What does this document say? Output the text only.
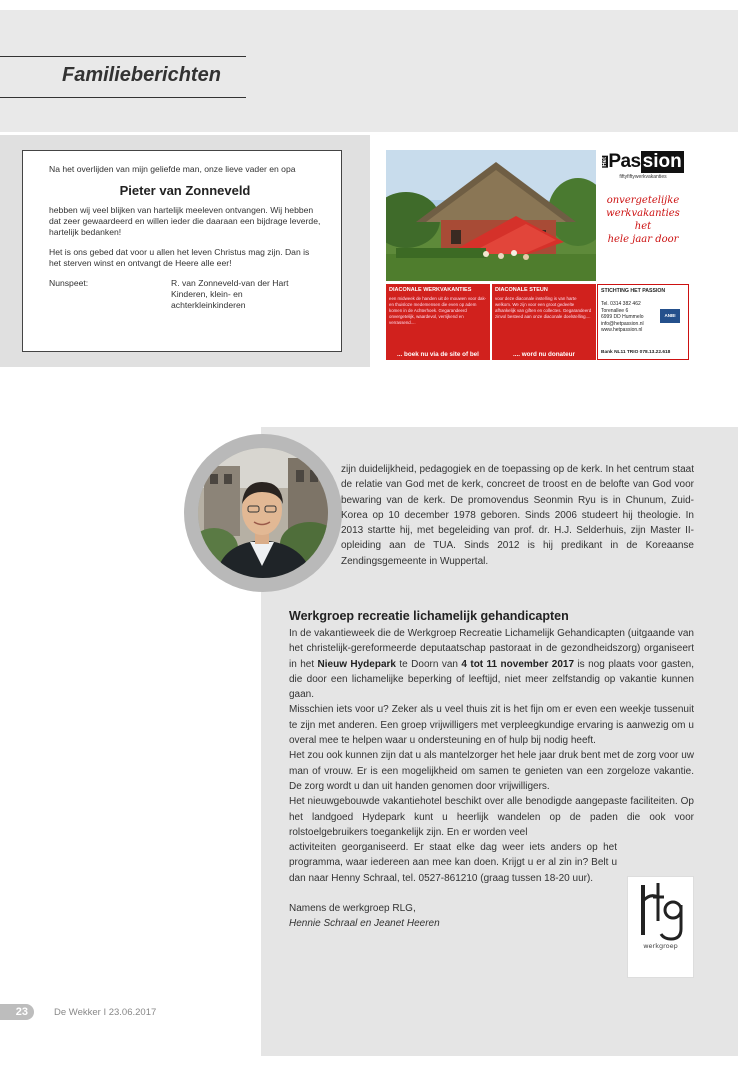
Familieberichten
Na het overlijden van mijn geliefde man, onze lieve vader en opa
Pieter van Zonneveld

hebben wij veel blijken van hartelijk meeleven ontvangen. Wij hebben dat zeer gewaardeerd en willen ieder die daaraan een bijdrage leverde, hartelijk bedanken!

Het is ons gebed dat voor u allen het leven Christus mag zijn. Dan is het sterven winst en ontvangt de Heere alle eer!

Nunspeet:	R. van Zonneveld-van der Hart
Kinderen, klein- en
achterkleinkinderen
Het Pas sion
fiftyfiftywerkvakanties
onvergetelijke
werkvakanties
het
hele jaar door
DIACONALE WERKVAKANTIES
een midweek de handen uit de mouwen voor dak- en thuisloze medemensen die even op adem komen in de Achterhoek. Gegarandeerd onvergetelijk, waardevol, verrijkend en verrassend....
... boek nu via de site of bel
DIACONALE STEUN
voor deze diaconale instelling is van harte welkom. We zijn voor een groot gedeelte afhankelijk van giften en collectes. Gegarandeerd zinvol besteed aan onze diaconale doelstelling....
.... word nu donateur
STICHTING HET PASSION
Tel. 0314 382 462
Torenallee 6
6999 DD Hummelo
info@hetpassion.nl
www.hetpassion.nl
ANBI
Bank NL11 TRIO 078.13.22.618
zijn duidelijkheid, pedagogiek en de toepassing op de kerk. In het centrum staat de relatie van God met de kerk, concreet de troost en de belofte van God voor bewaring van de kerk. De promovendus Seonmin Ryu is in Chunum, Zuid-Korea op 10 december 1978 geboren. Sinds 2006 studeert hij theologie. In 2013 startte hij, met begeleiding van prof. dr. H.J. Selderhuis, zijn Master II-opleiding aan de TUA. Sinds 2012 is hij predikant in de Koreaanse Zendingsgemeente in Wuppertal.
Werkgroep recreatie lichamelijk gehandicapten

In de vakantieweek die de Werkgroep Recreatie Lichamelijk Gehandicapten (uitgaande van het christelijk-gereformeerde deputaatschap pastoraat in de gezondheidszorg) organiseert in het Nieuw Hydepark te Doorn van 4 tot 11 november 2017 is nog plaats voor gasten, die door een lichamelijke beperking of leeftijd, niet meer zelfstandig op vakantie kunnen gaan.

Misschien iets voor u? Zeker als u veel thuis zit is het fijn om er even een weekje tussenuit te zijn met anderen. Een groep vrijwilligers met verpleegkundige ervaring is aanwezig om u overal mee te helpen waar u ondersteuning en of hulp bij nodig heeft.

Het zou ook kunnen zijn dat u als mantelzorger het hele jaar druk bent met de zorg voor uw man of vrouw. Er is een mogelijkheid om samen te genieten van een zorgeloze vakantie. De zorg wordt u dan uit handen genomen door vrijwilligers.

Het nieuwgebouwde vakantiehotel beschikt over alle benodigde aangepaste faciliteiten. Op het landgoed Hydepark kunt u heerlijk wandelen op de paden die ook voor rolstoelgebruikers toegankelijk zijn. En er worden veel

activiteiten georganiseerd. Er staat elke dag weer iets anders op het programma, waar iedereen aan mee kan doen. Krijgt u er al zin in? Belt u dan naar Henny Schraal, tel. 0527-861210 (graag tussen 18-20 uur).

Namens de werkgroep RLG,
Hennie Schraal en Jeanet Heeren
werkgroep
23	De Wekker I 23.06.2017
